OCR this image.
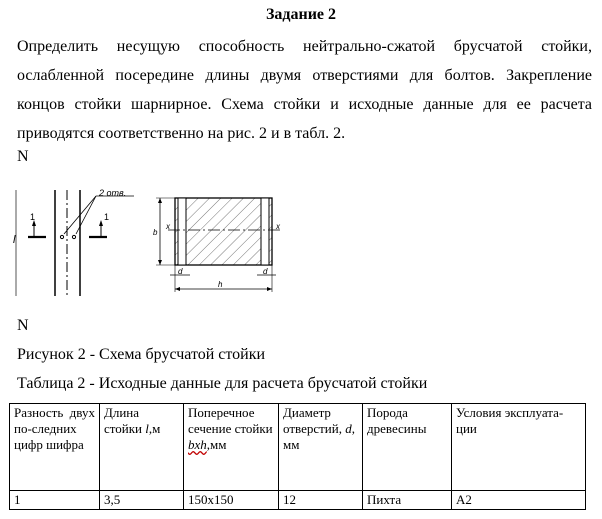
Задание 2
Определить несущую способность нейтрально-сжатой брусчатой стойки,
ослабленной посередине длины двумя отверстиями для болтов. Закрепление
концов стойки шарнирное. Схема стойки и исходные данные для ее расчета
приводятся соответственно на рис. 2 и в табл. 2.
N
l
1	1
2 отв.
x	x
b
h
d	d
N
Рисунок 2 - Схема брусчатой стойки
Таблица 2 - Исходные данные для расчета брусчатой стойки
Разность двух по-следних цифр шифра	Длина стойки l,м	Поперечное сечение стойки bxh,мм	Диаметр отверстий, d, мм	Порода древесины	Условия эксплуата-ции
1	3,5	150x150	12	Пихта	А2
